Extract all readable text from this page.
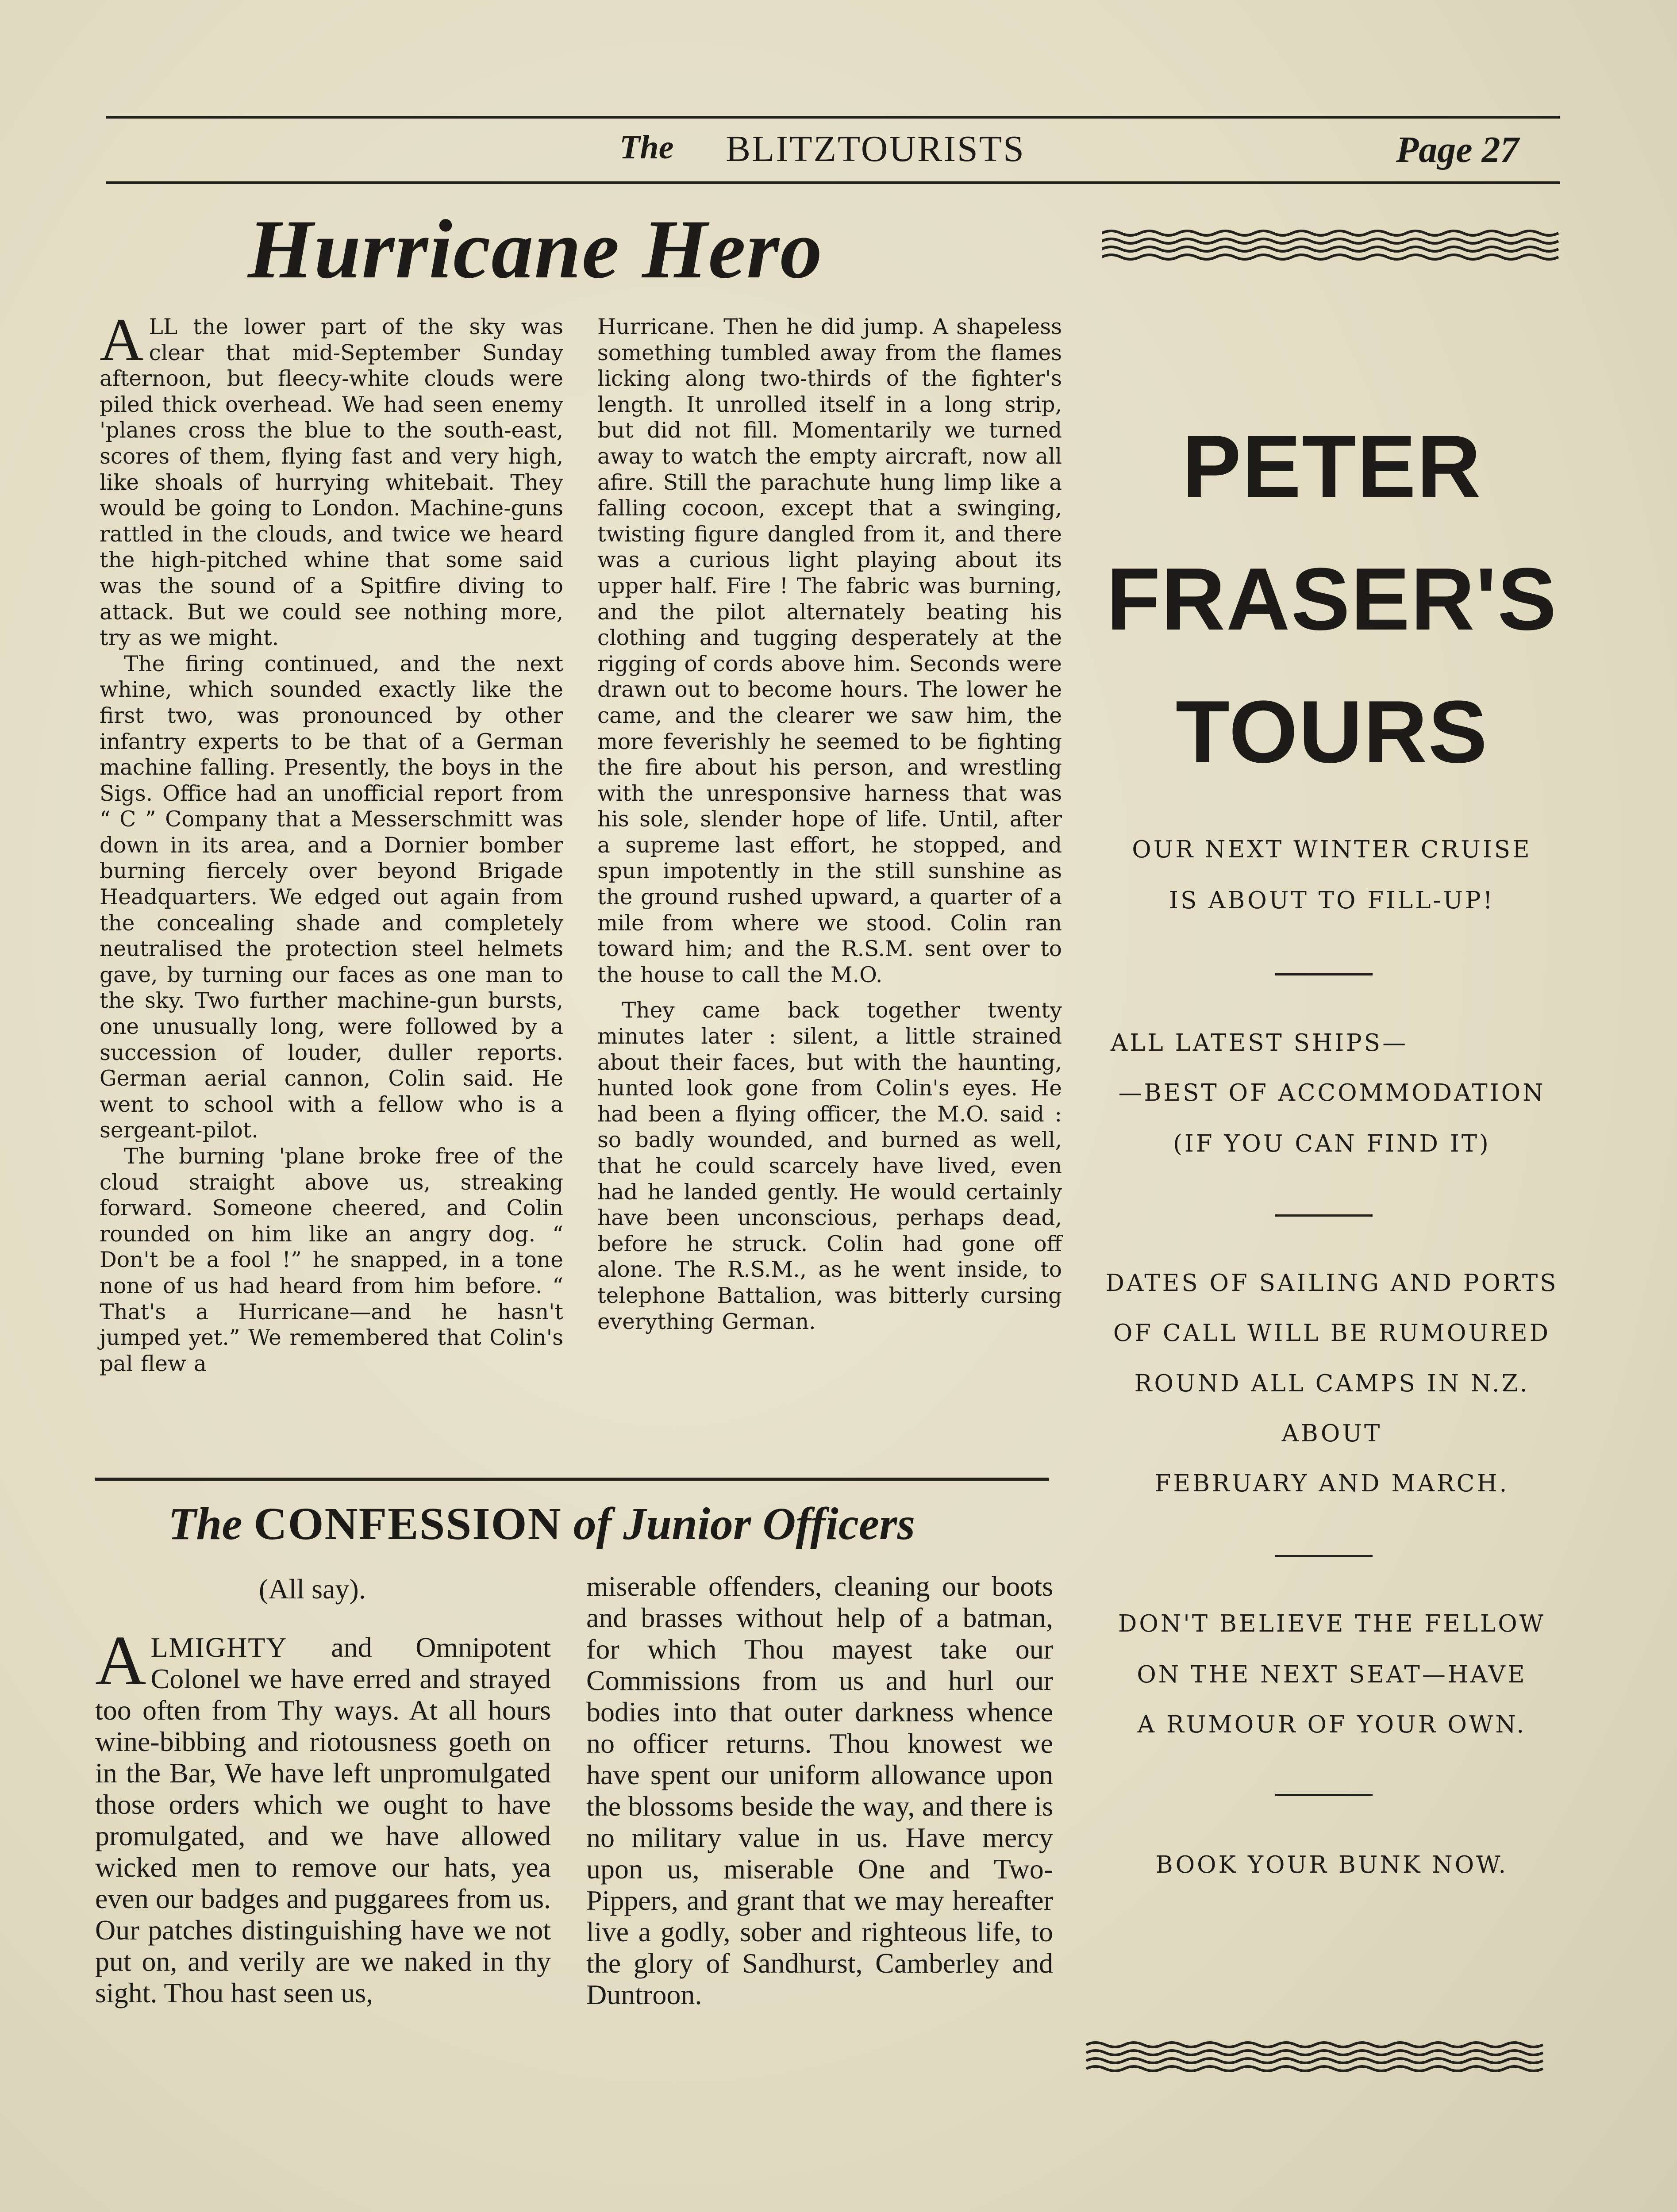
The BLITZTOURISTS	Page 27
Hurricane Hero

ALL the lower part of the sky was clear that mid-September Sunday afternoon, but fleecy-white clouds were piled thick overhead. We had seen enemy 'planes cross the blue to the south-east, scores of them, flying fast and very high, like shoals of hurrying whitebait. They would be going to London. Machine-guns rattled in the clouds, and twice we heard the high-pitched whine that some said was the sound of a Spitfire diving to attack. But we could see nothing more, try as we might.

The firing continued, and the next whine, which sounded exactly like the first two, was pronounced by other infantry experts to be that of a German machine falling. Presently, the boys in the Sigs. Office had an unofficial report from “ C ” Company that a Messerschmitt was down in its area, and a Dornier bomber burning fiercely over beyond Brigade Headquarters. We edged out again from the concealing shade and completely neutralised the protection steel helmets gave, by turning our faces as one man to the sky. Two further machine-gun bursts, one unusually long, were followed by a succession of louder, duller reports. German aerial cannon, Colin said. He went to school with a fellow who is a sergeant-pilot.

The burning 'plane broke free of the cloud straight above us, streaking forward. Someone cheered, and Colin rounded on him like an angry dog. “ Don't be a fool !” he snapped, in a tone none of us had heard from him before. “ That's a Hurricane—and he hasn't jumped yet.” We remembered that Colin's pal flew a

Hurricane. Then he did jump. A shapeless something tumbled away from the flames licking along two-thirds of the fighter's length. It unrolled itself in a long strip, but did not fill. Momentarily we turned away to watch the empty aircraft, now all afire. Still the parachute hung limp like a falling cocoon, except that a swinging, twisting figure dangled from it, and there was a curious light playing about its upper half. Fire ! The fabric was burning, and the pilot alternately beating his clothing and tugging desperately at the rigging of cords above him. Seconds were drawn out to become hours. The lower he came, and the clearer we saw him, the more feverishly he seemed to be fighting the fire about his person, and wrestling with the unresponsive harness that was his sole, slender hope of life. Until, after a supreme last effort, he stopped, and spun impotently in the still sunshine as the ground rushed upward, a quarter of a mile from where we stood. Colin ran toward him; and the R.S.M. sent over to the house to call the M.O.

They came back together twenty minutes later : silent, a little strained about their faces, but with the haunting, hunted look gone from Colin's eyes. He had been a flying officer, the M.O. said : so badly wounded, and burned as well, that he could scarcely have lived, even had he landed gently. He would certainly have been unconscious, perhaps dead, before he struck. Colin had gone off alone. The R.S.M., as he went inside, to telephone Battalion, was bitterly cursing everything German.

The CONFESSION of Junior Officers
(All say).

ALMIGHTY and Omnipotent Colonel we have erred and strayed too often from Thy ways. At all hours wine-bibbing and riotousness goeth on in the Bar, We have left unpromulgated those orders which we ought to have promulgated, and we have allowed wicked men to remove our hats, yea even our badges and puggarees from us. Our patches distinguishing have we not put on, and verily are we naked in thy sight. Thou hast seen us,

miserable offenders, cleaning our boots and brasses without help of a batman, for which Thou mayest take our Commissions from us and hurl our bodies into that outer darkness whence no officer returns. Thou knowest we have spent our uniform allowance upon the blossoms beside the way, and there is no military value in us. Have mercy upon us, miserable One and Two-Pippers, and grant that we may hereafter live a godly, sober and righteous life, to the glory of Sandhurst, Camberley and Duntroon.

PETER
FRASER'S
TOURS
OUR NEXT WINTER CRUISE
IS ABOUT TO FILL-UP!
ALL LATEST SHIPS—
—BEST OF ACCOMMODATION
(IF YOU CAN FIND IT)
DATES OF SAILING AND PORTS
OF CALL WILL BE RUMOURED
ROUND ALL CAMPS IN N.Z.
ABOUT
FEBRUARY AND MARCH.
DON'T BELIEVE THE FELLOW
ON THE NEXT SEAT—HAVE
A RUMOUR OF YOUR OWN.
BOOK YOUR BUNK NOW.
